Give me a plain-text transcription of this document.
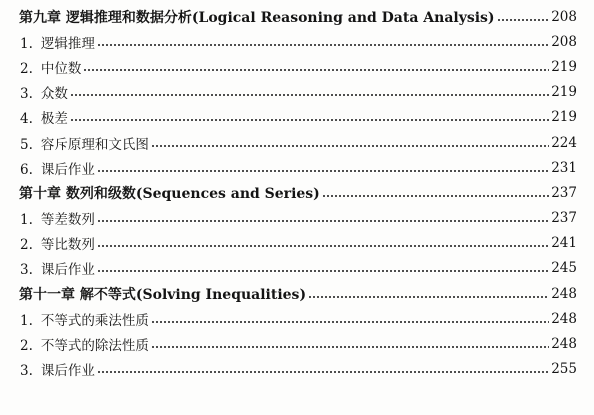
第九章 逻辑推理和数据分析(Logical Reasoning and Data Analysis)	208
1. 逻辑推理	208
2. 中位数	219
3. 众数	219
4. 极差	219
5. 容斥原理和文氏图	224
6. 课后作业	231
第十章 数列和级数(Sequences and Series)	237
1. 等差数列	237
2. 等比数列	241
3. 课后作业	245
第十一章 解不等式(Solving Inequalities)	248
1. 不等式的乘法性质	248
2. 不等式的除法性质	248
3. 课后作业	255
